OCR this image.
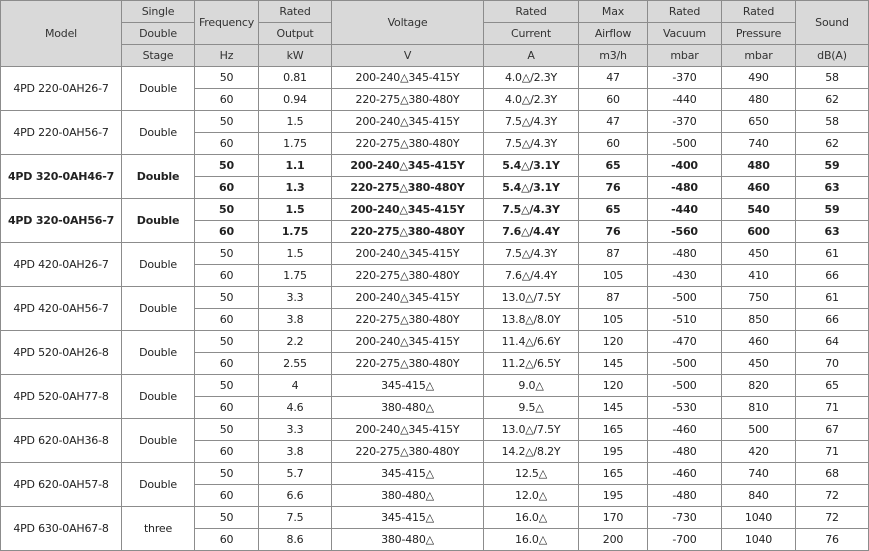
Model	Single	Frequency	Rated	Voltage	Rated	Max	Rated	Rated	Sound
	Double		Output		Current	Airflow	Vacuum	Pressure	
	Stage	Hz	kW	V	A	m3/h	mbar	mbar	dB(A)
4PD 220-0AH26-7	Double	50	0.81	200-240△345-415Y	4.0△/2.3Y	47	-370	490	58
		60	0.94	220-275△380-480Y	4.0△/2.3Y	60	-440	480	62
4PD 220-0AH56-7	Double	50	1.5	200-240△345-415Y	7.5△/4.3Y	47	-370	650	58
		60	1.75	220-275△380-480Y	7.5△/4.3Y	60	-500	740	62
4PD 320-0AH46-7	Double	50	1.1	200-240△345-415Y	5.4△/3.1Y	65	-400	480	59
		60	1.3	220-275△380-480Y	5.4△/3.1Y	76	-480	460	63
4PD 320-0AH56-7	Double	50	1.5	200-240△345-415Y	7.5△/4.3Y	65	-440	540	59
		60	1.75	220-275△380-480Y	7.6△/4.4Y	76	-560	600	63
4PD 420-0AH26-7	Double	50	1.5	200-240△345-415Y	7.5△/4.3Y	87	-480	450	61
		60	1.75	220-275△380-480Y	7.6△/4.4Y	105	-430	410	66
4PD 420-0AH56-7	Double	50	3.3	200-240△345-415Y	13.0△/7.5Y	87	-500	750	61
		60	3.8	220-275△380-480Y	13.8△/8.0Y	105	-510	850	66
4PD 520-0AH26-8	Double	50	2.2	200-240△345-415Y	11.4△/6.6Y	120	-470	460	64
		60	2.55	220-275△380-480Y	11.2△/6.5Y	145	-500	450	70
4PD 520-0AH77-8	Double	50	4	345-415△	9.0△	120	-500	820	65
		60	4.6	380-480△	9.5△	145	-530	810	71
4PD 620-0AH36-8	Double	50	3.3	200-240△345-415Y	13.0△/7.5Y	165	-460	500	67
		60	3.8	220-275△380-480Y	14.2△/8.2Y	195	-480	420	71
4PD 620-0AH57-8	Double	50	5.7	345-415△	12.5△	165	-460	740	68
		60	6.6	380-480△	12.0△	195	-480	840	72
4PD 630-0AH67-8	three	50	7.5	345-415△	16.0△	170	-730	1040	72
		60	8.6	380-480△	16.0△	200	-700	1040	76
